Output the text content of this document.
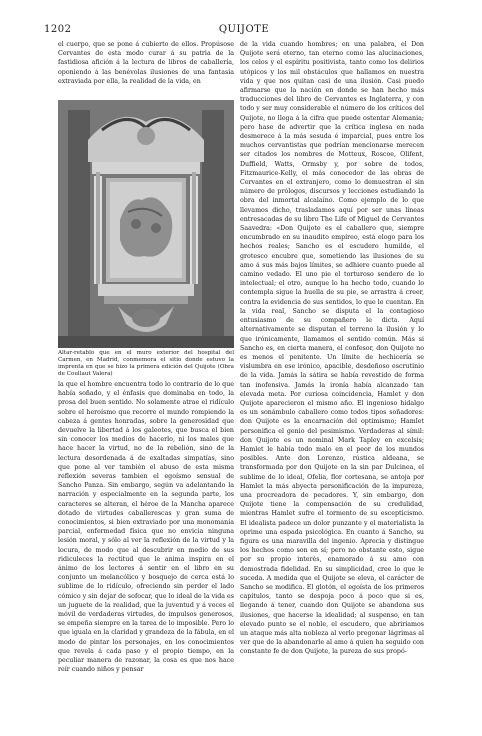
1202	QUIJOTE

el cuerpo, que se pone á cubierto de ellos. Propúsose Cervantes de esta modo curar á su patria de la fastidiosa afición á la lectura de libros de caballería, oponiendo á las benévolas ilusiones de una fantasía extraviada por ella, la realidad de la vida, en

Altar-retablo que en el muro exterior del hospital del Carmen, en Madrid, conmemora el sitio donde estuvo la imprenta en que se hizo la primera edición del Quijote (Obra de Coullaut Valera)

la que el hombre encuentra todo lo contrario de lo que había soñado, y el énfasis que dominaba en todo, la prosa del buen sentido. No solamente atrae el ridículo sobre el heroísmo que recorre el mundo rompiendo la cabeza á gentes honradas, sobre la generosidad que devuelve la libertad á los galeotes, que busca el bien sin conocer los medios de hacerlo, ni los males que hace hacer la virtud, no de la rebelión, sino de la lectura desordenada á de exaltadas simpatías, sino que pone al ver también el abuso de esta misma reflexión severas tambien el egoísmo sensual de Sancho Panza. Sin embargo, según va adelantando la narración y especialmente en la segunda parte, los caracteres se alteran, el héroe de la Mancha aparece dotado de virtudes caballerescas y gran suma de conocimientos, si bien extraviado por una monomanía parcial, enfermedad física que no envicia ninguna lesión moral, y sólo al ver la reflexión de la virtud y la locura, de modo que al descubrir en medio de sus ridiculeces la rectitud que le anima inspira en el ánimo de los lectores á sentir en el libro en su conjunto un melancólico y bosquejo de cerca está lo sublime de lo ridículo, ofreciendo sin perder el lado cómico y sin dejar de sofocar, que lo ideal de la vida es un juguete de la realidad, que la juventud y á veces el móvil de verdaderas virtudes, de impulsos generosos, se empeña siempre en la tarea de lo imposible. Pero lo que iguala en la claridad y grandeza de la fábula, en el modo de pintar los personajes, en los conocimientos que revela á cada paso y el propio tiempo, en la peculiar manera de razonar, la cosa es que nos hace reír cuando niños y pensar

de la vida cuando hombres; en una palabra, el Don Quijote será eterno, tan eterno como las alucinaciones, los celos y el espíritu positivista, tanto como los delirios utópicos y los mil obstáculos que hallamos en nuestra vida y que nos quitan casi de una ilusión. Casi puedo afirmarse que la nación en donde se han hecho más traducciones del libro de Cervantes es Inglaterra, y con todo y ser muy considerable el número de los críticos del Quijote, no llega á la cifra que puede ostentar Alemania; pero hase de advertir que la crítica inglesa en nada desmerece á la más sesuda é imparcial, pues entre los muchos cervantistas que podrían mencionarse merecen ser citados los nombres de Motteux, Roscoe, Olifent, Duffield, Watts, Ormsby y, por sobre de todos, Fitzmaurice-Kelly, el más conocedor de las obras de Cervantes en el extranjero, como lo demuestran el sin número de prólogos, discursos y lecciones estudiando la obra del inmortal alcalaíno. Como ejemplo de lo que llevamos dicho, trasladamos aquí por ser unas líneas entresacadas de su libro The Life of Miguel de Cervantes Saavedra: «Don Quijote es el caballero que, siempre encumbrado en su inaudito empíreo, está elogo para los hechos reales; Sancho es el escudero humilde, el grotesco encubre que, sometiendo las ilusiones de su amo á sus más bajos límites, se adhiere cuanto puede al camino vedado. El uno pie el torturoso sendero de lo intelectual; el otro, aunque lo ha hecho todo, cuando lo contempla sigue la huella de su pie, se arrastra á creer, contra la evidencia de sus sentidos, lo que le cuentan. En la vida real, Sancho se disputa el la contagioso entusiasmo de su compañero le dicta. Aquí alternativamente se disputan el terreno la ilusión y lo que irónicamente, llamamos el sentido común. Más si Sancho es, en cierta manera, el confesor, don Quijote no es menos el penitente. Un límite de hechicería se vislumbra en ese irónico, apacible, desdeñoso escrutinio de la vida. Jamás la sátira se había revestido de forma tan inofensiva. Jamás la ironía había alcanzado tan elevada meta. Por curiosa coincidencia, Hamlet y don Quijote aparecieron el mismo año. El ingenioso hidalgo es un sonámbulo caballero como todos tipos soñadores: don Quijote es la encarnación del optimismo; Hamlet personifica el genio del pesimismo. Verdaderas al símil: don Quijote es un nominal Mark Tapley en excelsis; Hamlet le había todo malo en el peor de los mundos posibles. Ante don Lorenzo, rústica aldeana, se transformada por don Quijote en la sin par Dulcinea, el sublime de lo ideal, Ofelia, flor cortesana, se antoja por Hamlet la más abyecta personificación de la impureza, una procreadora de pecadores. Y, sin embargo, don Quijote tiene la compensación de su credulidad, mientras Hamlet sufre el tormento de su escepticismo. El idealista padece un dolor punzante y el materialista la oprime una espada psicológica. En cuanto á Sancho, su figura es una maravilla del ingenio. Aprecia y distingue los hechos como son en sí; pero no obstante esto, sigue por su propio interés, enamorado á su amo con demostrada fidelidad. En su simplicidad, cree lo que le suceda. A medida que el Quijote se eleva, el carácter de Sancho se modifica. El glotón, el egoísta de los primeros capítulos, tanto se despoja poco á poco que si es, llegando á tener, cuando don Quijote se abandona sus ilusiones, que hacerse la idealidad; al suspenso, en tan elevado punto se el noble, el escudero, que abriríamos un ataque más alta nobleza al verlo pregonar lágrimas al ver que de la abandonarle al amo á quien ha seguido con constante fe de don Quijote, la pureza de sus propó-
